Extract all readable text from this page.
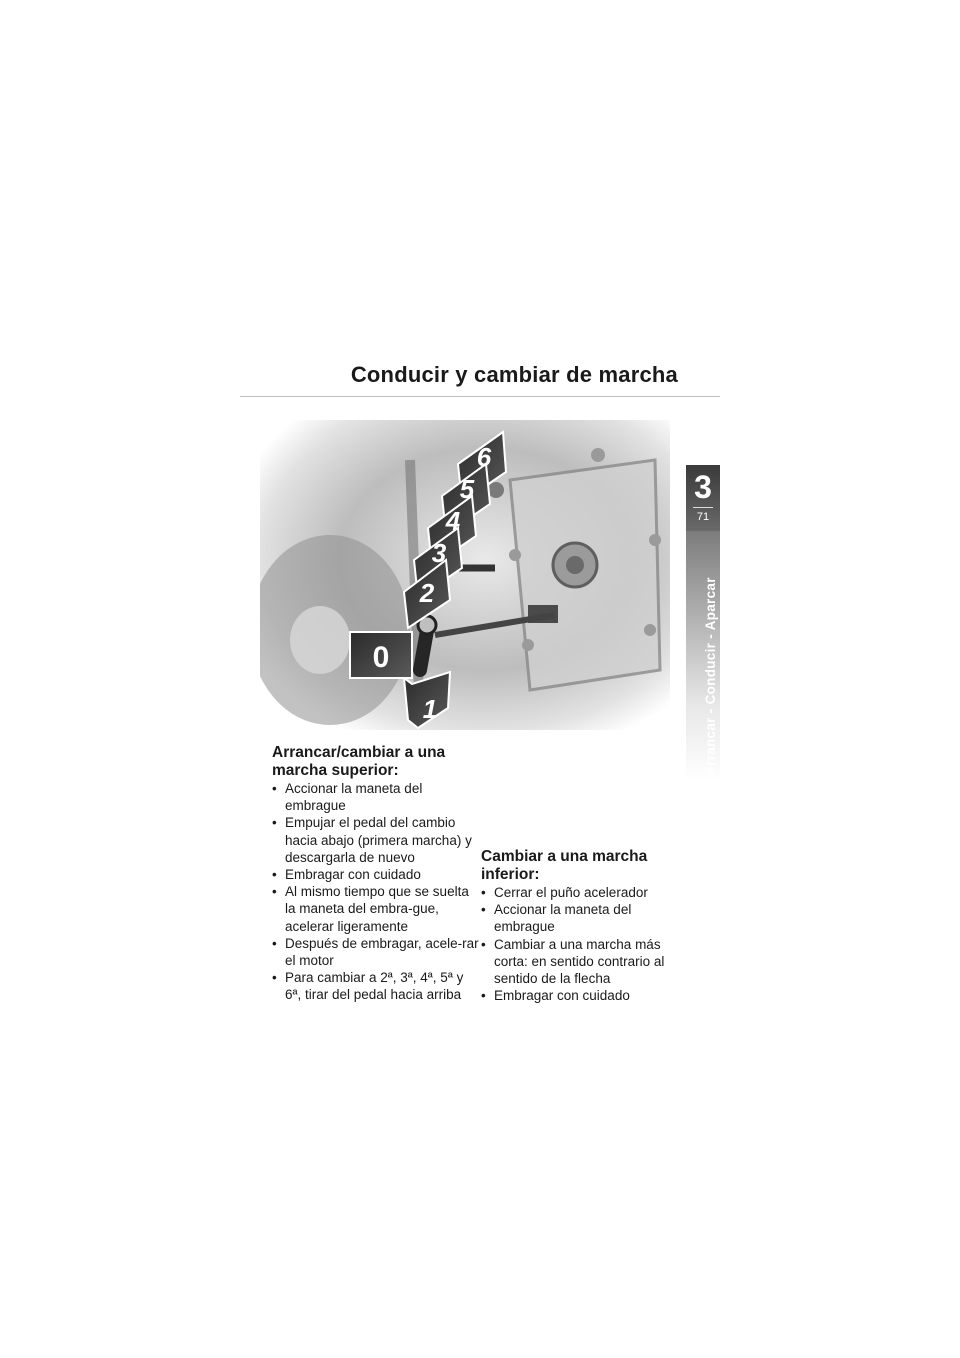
Conducir y cambiar de marcha
3
71
Arrancar - Conducir - Aparcar
6
5
4
3
2
0
1
Arrancar/cambiar a una marcha superior:
• Accionar la maneta del embrague
• Empujar el pedal del cambio hacia abajo (primera marcha) y descargarla de nuevo
• Embragar con cuidado
• Al mismo tiempo que se suelta la maneta del embra-gue, acelerar ligeramente
• Después de embragar, acele-rar el motor
• Para cambiar a 2ª, 3ª, 4ª, 5ª y 6ª, tirar del pedal hacia arriba
Cambiar a una marcha inferior:
• Cerrar el puño acelerador
• Accionar la maneta del embrague
• Cambiar a una marcha más corta: en sentido contrario al sentido de la flecha
• Embragar con cuidado
